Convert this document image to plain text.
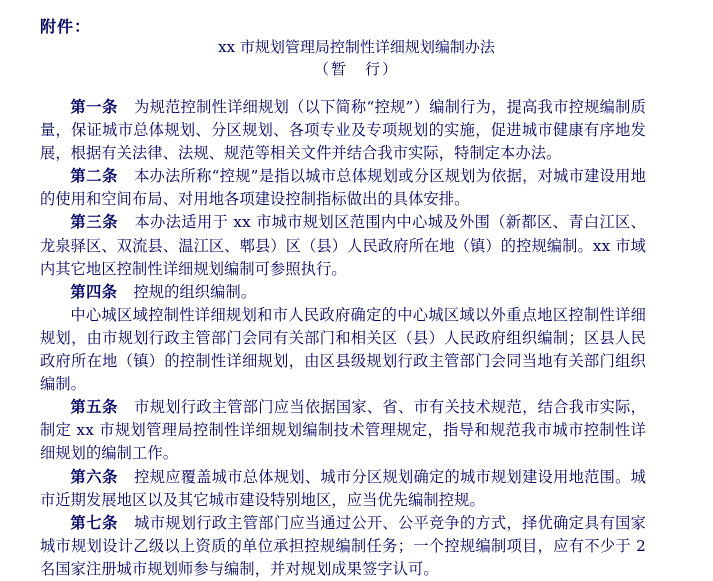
附件：
xx 市规划管理局控制性详细规划编制办法
（暂　行）

第一条 为规范控制性详细规划（以下简称“控规”）编制行为，提高我市控规编制质量，保证城市总体规划、分区规划、各项专业及专项规划的实施，促进城市健康有序地发展，根据有关法律、法规、规范等相关文件并结合我市实际，特制定本办法。

第二条 本办法所称“控规”是指以城市总体规划或分区规划为依据，对城市建设用地的使用和空间布局、对用地各项建设控制指标做出的具体安排。

第三条 本办法适用于 xx 市城市规划区范围内中心城及外围（新都区、青白江区、龙泉驿区、双流县、温江区、郫县）区（县）人民政府所在地（镇）的控规编制。xx 市域内其它地区控制性详细规划编制可参照执行。

第四条 控规的组织编制。

中心城区域控制性详细规划和市人民政府确定的中心城区域以外重点地区控制性详细规划，由市规划行政主管部门会同有关部门和相关区（县）人民政府组织编制；区县人民政府所在地（镇）的控制性详细规划，由区县级规划行政主管部门会同当地有关部门组织编制。

第五条 市规划行政主管部门应当依据国家、省、市有关技术规范，结合我市实际，制定 xx 市规划管理局控制性详细规划编制技术管理规定，指导和规范我市城市控制性详细规划的编制工作。

第六条 控规应覆盖城市总体规划、城市分区规划确定的城市规划建设用地范围。城市近期发展地区以及其它城市建设特别地区，应当优先编制控规。

第七条 城市规划行政主管部门应当通过公开、公平竞争的方式，择优确定具有国家城市规划设计乙级以上资质的单位承担控规编制任务；一个控规编制项目，应有不少于 2 名国家注册城市规划师参与编制，并对规划成果签字认可。
